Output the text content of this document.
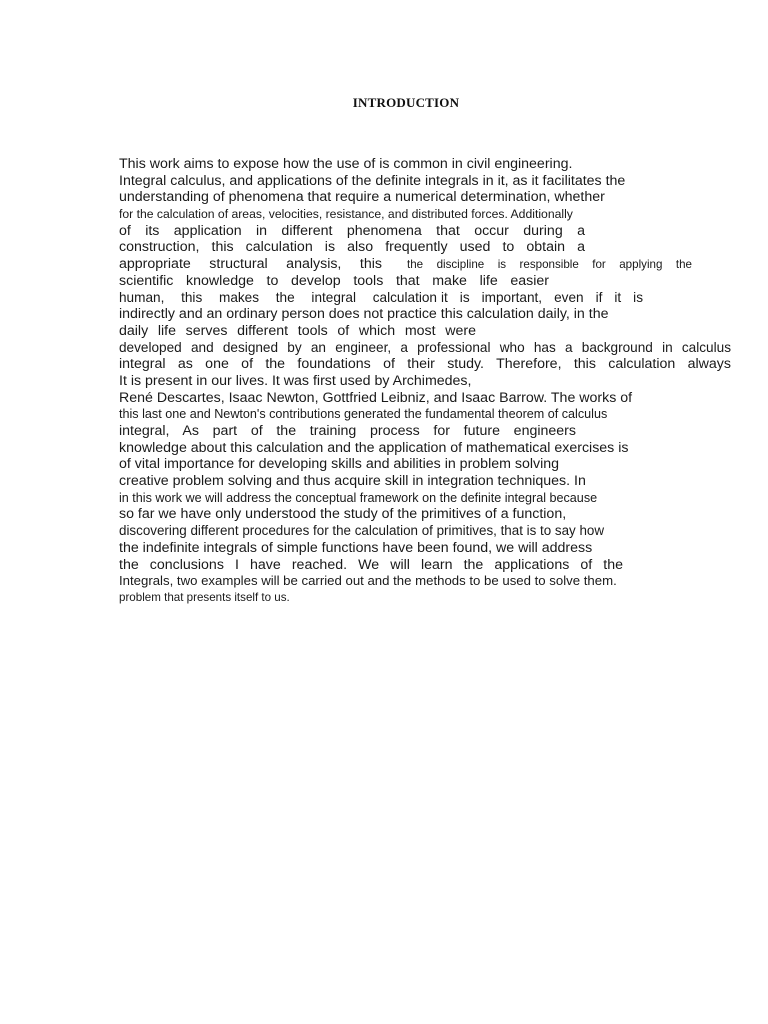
INTRODUCTION
This work aims to expose how the use of is common in civil engineering.
Integral calculus, and applications of the definite integrals in it, as it facilitates the
understanding of phenomena that require a numerical determination, whether
for the calculation of areas, velocities, resistance, and distributed forces. Additionally
of its application in different phenomena that occur during a
construction, this calculation is also frequently used to obtain a
appropriate structural analysis, this the discipline is responsible for applying the
scientific knowledge to develop tools that make life easier
human, this makes the integral calculation it is important, even if it is
indirectly and an ordinary person does not practice this calculation daily, in the
daily life serves different tools of which most were
developed and designed by an engineer, a professional who has a background in calculus
integral as one of the foundations of their study. Therefore, this calculation always
It is present in our lives. It was first used by Archimedes,
René Descartes, Isaac Newton, Gottfried Leibniz, and Isaac Barrow. The works of
this last one and Newton's contributions generated the fundamental theorem of calculus
integral, As part of the training process for future engineers
knowledge about this calculation and the application of mathematical exercises is
of vital importance for developing skills and abilities in problem solving
creative problem solving and thus acquire skill in integration techniques. In
in this work we will address the conceptual framework on the definite integral because
so far we have only understood the study of the primitives of a function,
discovering different procedures for the calculation of primitives, that is to say how
the indefinite integrals of simple functions have been found, we will address
the conclusions I have reached. We will learn the applications of the
Integrals, two examples will be carried out and the methods to be used to solve them.
problem that presents itself to us.
